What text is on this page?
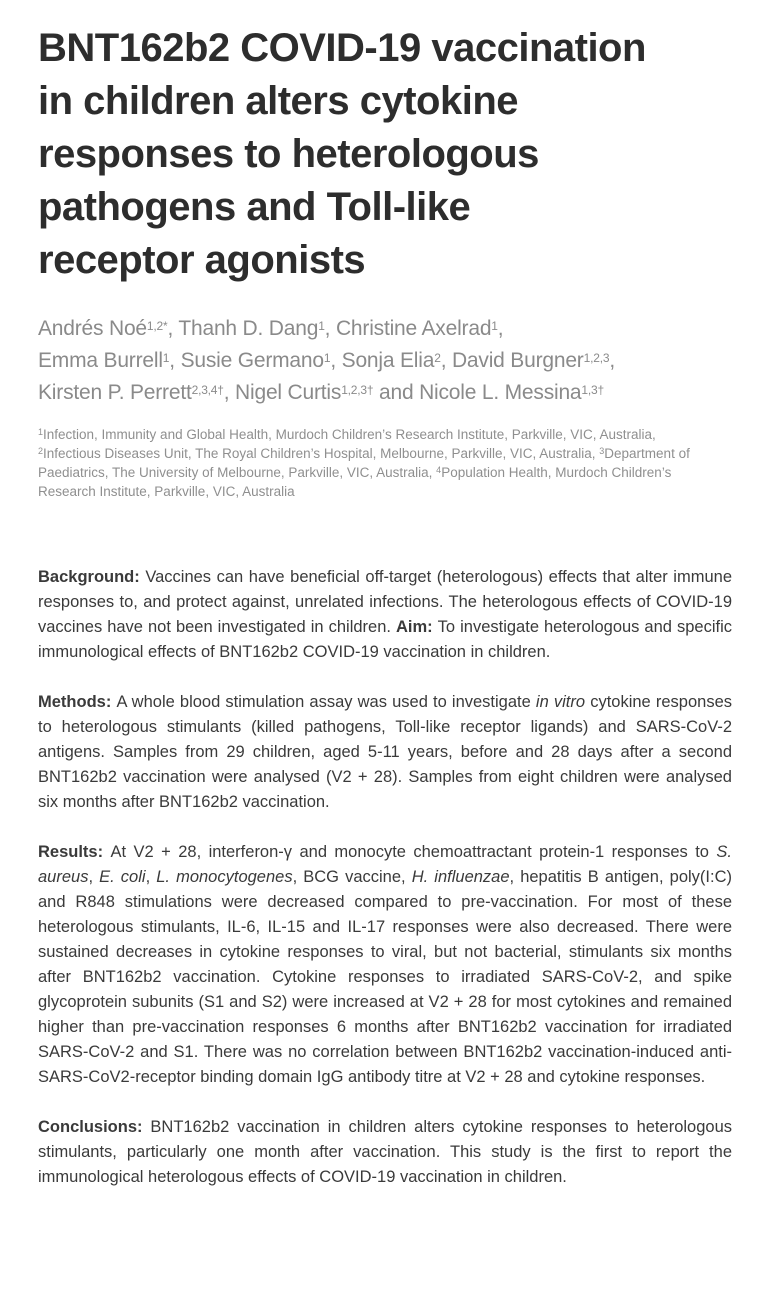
BNT162b2 COVID-19 vaccination
in children alters cytokine
responses to heterologous
pathogens and Toll-like
receptor agonists
Andrés Noé$^{1,2*}$, Thanh D. Dang$^1$, Christine Axelrad$^1$,
Emma Burrell$^1$, Susie Germano$^1$, Sonja Elia$^2$, David Burgner$^{1,2,3}$,
Kirsten P. Perrett$^{2,3,4\dagger}$, Nigel Curtis$^{1,2,3\dagger}$ and Nicole L. Messina$^{1,3\dagger}$
$^1$Infection, Immunity and Global Health, Murdoch Children’s Research Institute, Parkville, VIC, Australia, $^2$Infectious Diseases Unit, The Royal Children’s Hospital, Melbourne, Parkville, VIC, Australia, $^3$Department of Paediatrics, The University of Melbourne, Parkville, VIC, Australia, $^4$Population Health, Murdoch Children’s Research Institute, Parkville, VIC, Australia

Background: Vaccines can have beneficial off-target (heterologous) effects that alter immune responses to, and protect against, unrelated infections. The heterologous effects of COVID-19 vaccines have not been investigated in children. Aim: To investigate heterologous and specific immunological effects of BNT162b2 COVID-19 vaccination in children.

Methods: A whole blood stimulation assay was used to investigate in vitro cytokine responses to heterologous stimulants (killed pathogens, Toll-like receptor ligands) and SARS-CoV-2 antigens. Samples from 29 children, aged 5-11 years, before and 28 days after a second BNT162b2 vaccination were analysed (V2 + 28). Samples from eight children were analysed six months after BNT162b2 vaccination.

Results: At V2 + 28, interferon-γ and monocyte chemoattractant protein-1 responses to S. aureus, E. coli, L. monocytogenes, BCG vaccine, H. influenzae, hepatitis B antigen, poly(I:C) and R848 stimulations were decreased compared to pre-vaccination. For most of these heterologous stimulants, IL-6, IL-15 and IL-17 responses were also decreased. There were sustained decreases in cytokine responses to viral, but not bacterial, stimulants six months after BNT162b2 vaccination. Cytokine responses to irradiated SARS-CoV-2, and spike glycoprotein subunits (S1 and S2) were increased at V2 + 28 for most cytokines and remained higher than pre-vaccination responses 6 months after BNT162b2 vaccination for irradiated SARS-CoV-2 and S1. There was no correlation between BNT162b2 vaccination-induced anti-SARS-CoV2-receptor binding domain IgG antibody titre at V2 + 28 and cytokine responses.

Conclusions: BNT162b2 vaccination in children alters cytokine responses to heterologous stimulants, particularly one month after vaccination. This study is the first to report the immunological heterologous effects of COVID-19 vaccination in children.
